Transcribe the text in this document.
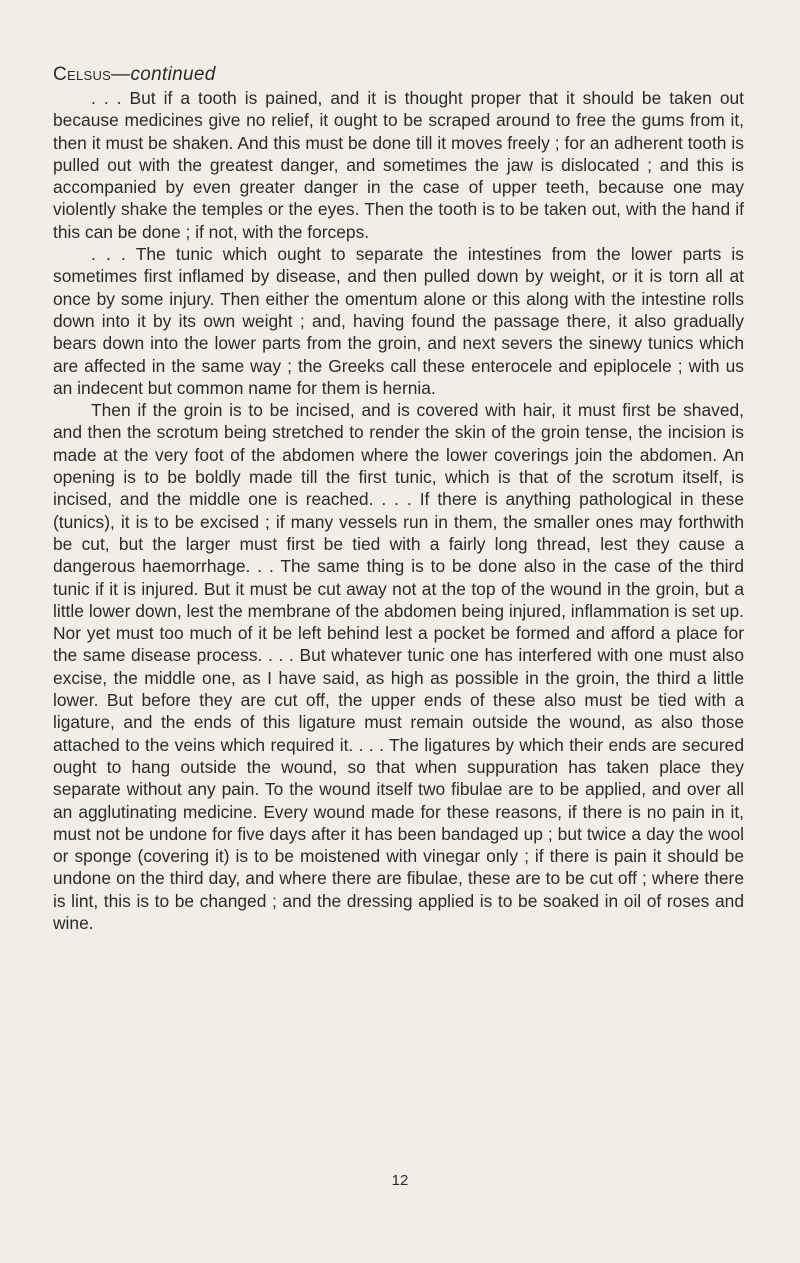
Celsus—continued

. . . But if a tooth is pained, and it is thought proper that it should be taken out because medicines give no relief, it ought to be scraped around to free the gums from it, then it must be shaken. And this must be done till it moves freely ; for an adherent tooth is pulled out with the greatest danger, and sometimes the jaw is dislocated ; and this is accompanied by even greater danger in the case of upper teeth, because one may violently shake the temples or the eyes. Then the tooth is to be taken out, with the hand if this can be done ; if not, with the forceps.

. . . The tunic which ought to separate the intestines from the lower parts is sometimes first inflamed by disease, and then pulled down by weight, or it is torn all at once by some injury. Then either the omentum alone or this along with the intestine rolls down into it by its own weight ; and, having found the passage there, it also gradually bears down into the lower parts from the groin, and next severs the sinewy tunics which are affected in the same way ; the Greeks call these enterocele and epiplocele ; with us an indecent but common name for them is hernia.

Then if the groin is to be incised, and is covered with hair, it must first be shaved, and then the scrotum being stretched to render the skin of the groin tense, the incision is made at the very foot of the abdomen where the lower coverings join the abdomen. An opening is to be boldly made till the first tunic, which is that of the scrotum itself, is incised, and the middle one is reached. . . . If there is anything pathological in these (tunics), it is to be excised ; if many vessels run in them, the smaller ones may forthwith be cut, but the larger must first be tied with a fairly long thread, lest they cause a dangerous haemorrhage. . . The same thing is to be done also in the case of the third tunic if it is injured. But it must be cut away not at the top of the wound in the groin, but a little lower down, lest the membrane of the abdomen being injured, inflammation is set up. Nor yet must too much of it be left behind lest a pocket be formed and afford a place for the same disease process. . . . But whatever tunic one has interfered with one must also excise, the middle one, as I have said, as high as possible in the groin, the third a little lower. But before they are cut off, the upper ends of these also must be tied with a ligature, and the ends of this ligature must remain outside the wound, as also those attached to the veins which required it. . . . The ligatures by which their ends are secured ought to hang outside the wound, so that when suppuration has taken place they separate without any pain. To the wound itself two fibulae are to be applied, and over all an agglutinating medicine. Every wound made for these reasons, if there is no pain in it, must not be undone for five days after it has been bandaged up ; but twice a day the wool or sponge (covering it) is to be moistened with vinegar only ; if there is pain it should be undone on the third day, and where there are fibulae, these are to be cut off ; where there is lint, this is to be changed ; and the dressing applied is to be soaked in oil of roses and wine.

12
